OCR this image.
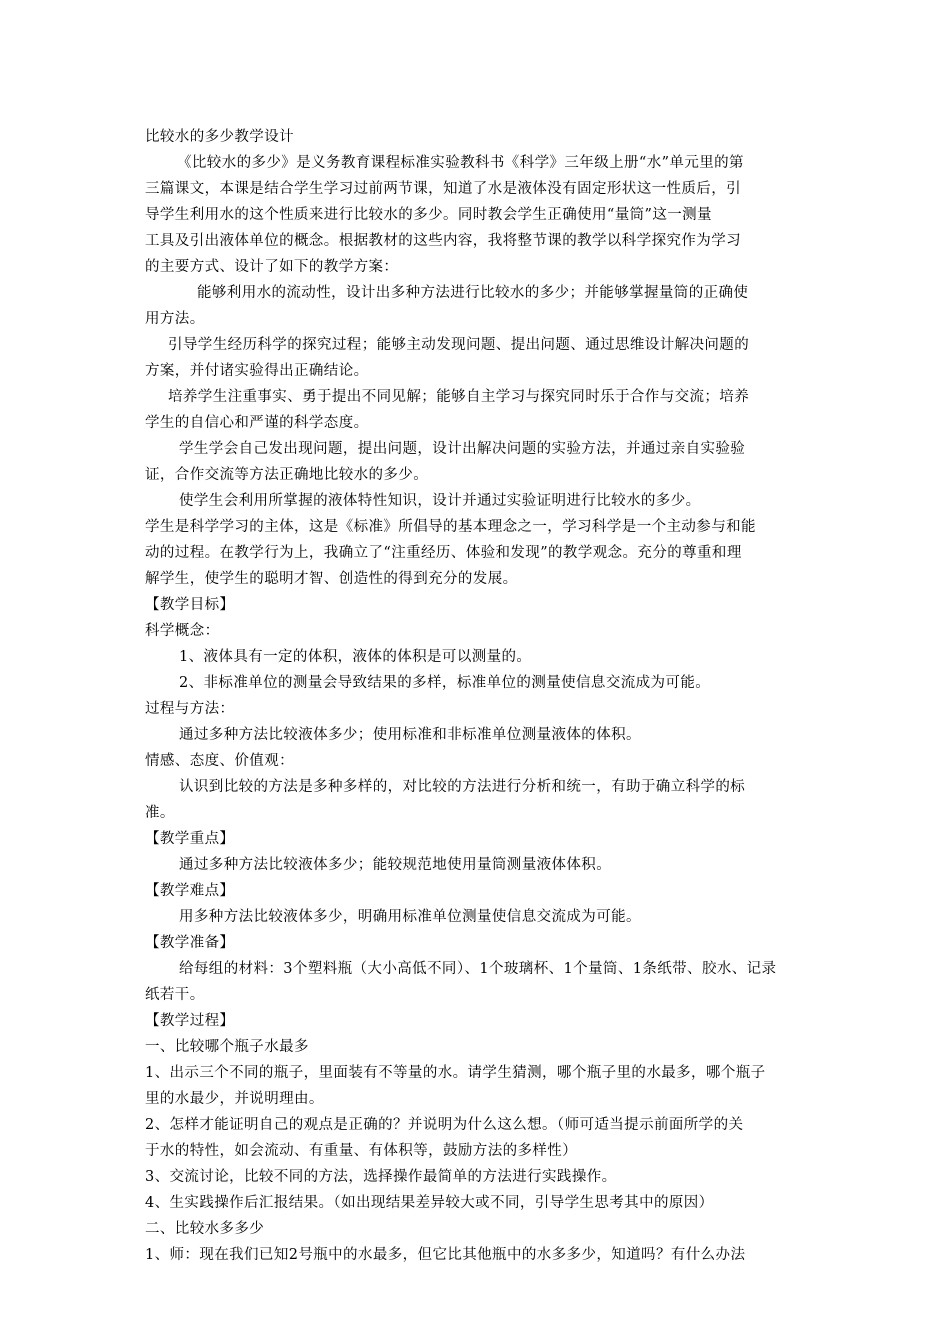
比较水的多少教学设计
《比较水的多少》是义务教育课程标准实验教科书《科学》三年级上册“水”单元里的第
三篇课文，本课是结合学生学习过前两节课，知道了水是液体没有固定形状这一性质后，引
导学生利用水的这个性质来进行比较水的多少。同时教会学生正确使用“量筒”这一测量
工具及引出液体单位的概念。根据教材的这些内容，我将整节课的教学以科学探究作为学习
的主要方式、设计了如下的教学方案：
能够利用水的流动性，设计出多种方法进行比较水的多少；并能够掌握量筒的正确使
用方法。
引导学生经历科学的探究过程；能够主动发现问题、提出问题、通过思维设计解决问题的
方案，并付诸实验得出正确结论。
培养学生注重事实、勇于提出不同见解；能够自主学习与探究同时乐于合作与交流；培养
学生的自信心和严谨的科学态度。
学生学会自己发出现问题，提出问题，设计出解决问题的实验方法，并通过亲自实验验
证，合作交流等方法正确地比较水的多少。
使学生会利用所掌握的液体特性知识，设计并通过实验证明进行比较水的多少。
学生是科学学习的主体，这是《标准》所倡导的基本理念之一，学习科学是一个主动参与和能
动的过程。在教学行为上，我确立了“注重经历、体验和发现”的教学观念。充分的尊重和理
解学生，使学生的聪明才智、创造性的得到充分的发展。
【教学目标】
科学概念：
1、液体具有一定的体积，液体的体积是可以测量的。
2、非标准单位的测量会导致结果的多样，标准单位的测量使信息交流成为可能。
过程与方法：
通过多种方法比较液体多少；使用标准和非标准单位测量液体的体积。
情感、态度、价值观：
认识到比较的方法是多种多样的，对比较的方法进行分析和统一，有助于确立科学的标
准。
【教学重点】
通过多种方法比较液体多少；能较规范地使用量筒测量液体体积。
【教学难点】
用多种方法比较液体多少，明确用标准单位测量使信息交流成为可能。
【教学准备】
给每组的材料：3个塑料瓶（大小高低不同）、1个玻璃杯、1个量筒、1条纸带、胶水、记录
纸若干。
【教学过程】
一、比较哪个瓶子水最多
1、出示三个不同的瓶子，里面装有不等量的水。请学生猜测，哪个瓶子里的水最多，哪个瓶子
里的水最少，并说明理由。
2、怎样才能证明自己的观点是正确的？并说明为什么这么想。（师可适当提示前面所学的关
于水的特性，如会流动、有重量、有体积等，鼓励方法的多样性）
3、交流讨论，比较不同的方法，选择操作最简单的方法进行实践操作。
4、生实践操作后汇报结果。（如出现结果差异较大或不同，引导学生思考其中的原因）
二、比较水多多少
1、师：现在我们已知2号瓶中的水最多，但它比其他瓶中的水多多少，知道吗？有什么办法
